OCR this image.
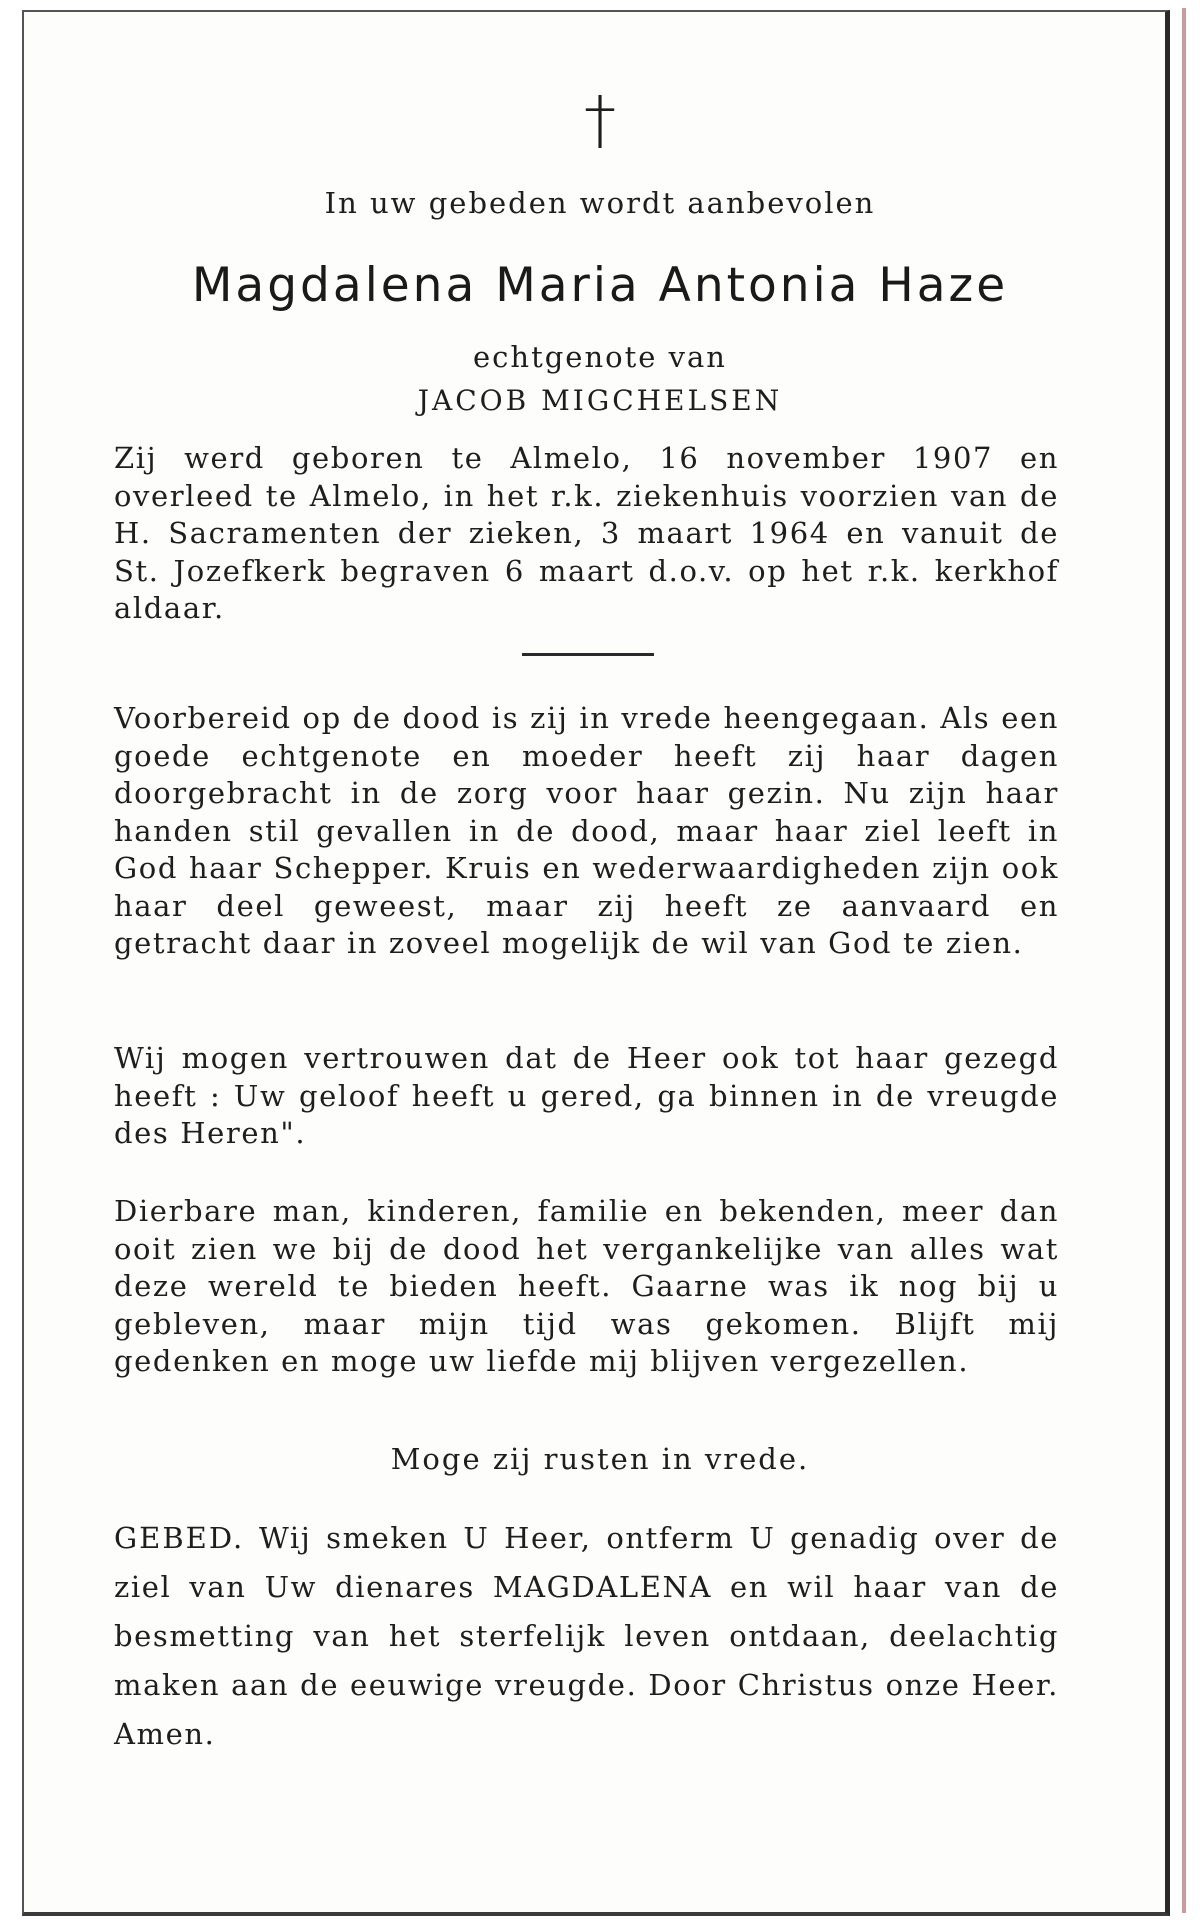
†
In uw gebeden wordt aanbevolen
Magdalena Maria Antonia Haze
echtgenote van
JACOB MIGCHELSEN

Zij werd geboren te Almelo, 16 november 1907 en overleed te Almelo, in het r.k. ziekenhuis voorzien van de H. Sacramenten der zieken, 3 maart 1964 en vanuit de St. Jozefkerk begraven 6 maart d.o.v. op het r.k. kerkhof aldaar.

Voorbereid op de dood is zij in vrede heengegaan. Als een goede echtgenote en moeder heeft zij haar dagen doorgebracht in de zorg voor haar gezin. Nu zijn haar handen stil gevallen in de dood, maar haar ziel leeft in God haar Schepper. Kruis en wederwaardigheden zijn ook haar deel geweest, maar zij heeft ze aanvaard en getracht daar in zoveel mogelijk de wil van God te zien.

Wij mogen vertrouwen dat de Heer ook tot haar gezegd heeft : Uw geloof heeft u gered, ga binnen in de vreugde des Heren".

Dierbare man, kinderen, familie en bekenden, meer dan ooit zien we bij de dood het vergankelijke van alles wat deze wereld te bieden heeft. Gaarne was ik nog bij u gebleven, maar mijn tijd was gekomen. Blijft mij gedenken en moge uw liefde mij blijven vergezellen.

Moge zij rusten in vrede.

GEBED. Wij smeken U Heer, ontferm U genadig over de ziel van Uw dienares MAGDALENA en wil haar van de besmetting van het sterfelijk leven ontdaan, deelachtig maken aan de eeuwige vreugde. Door Christus onze Heer. Amen.
